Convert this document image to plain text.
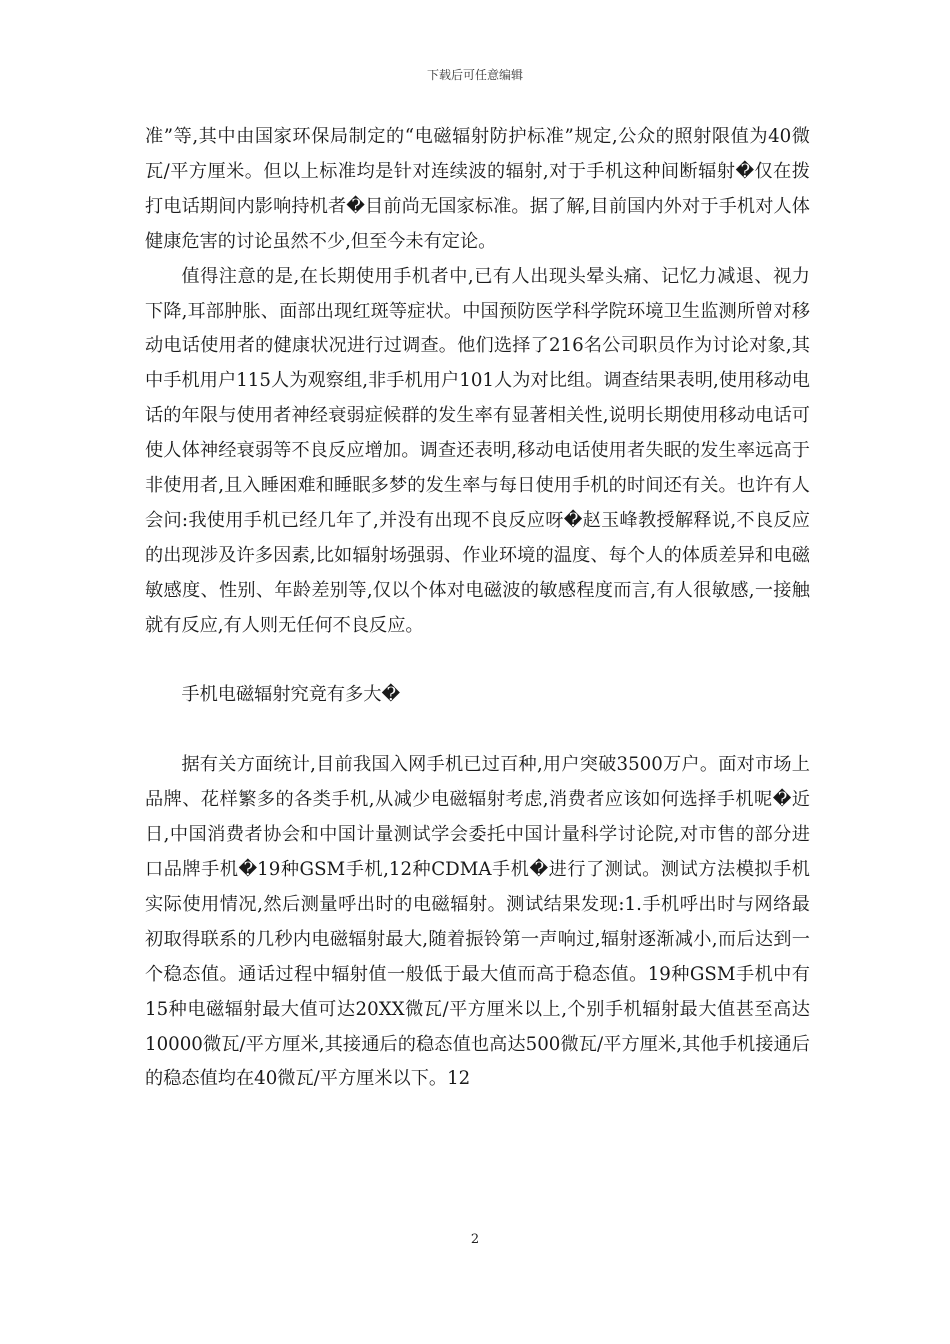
下载后可任意编辑

准”等,其中由国家环保局制定的“电磁辐射防护标准”规定,公众的照射限值为40微瓦/平方厘米。但以上标准均是针对连续波的辐射,对于手机这种间断辐射�仅在拨打电话期间内影响持机者�目前尚无国家标准。据了解,目前国内外对于手机对人体健康危害的讨论虽然不少,但至今未有定论。

值得注意的是,在长期使用手机者中,已有人出现头晕头痛、记忆力减退、视力下降,耳部肿胀、面部出现红斑等症状。中国预防医学科学院环境卫生监测所曾对移动电话使用者的健康状况进行过调查。他们选择了216名公司职员作为讨论对象,其中手机用户115人为观察组,非手机用户101人为对比组。调查结果表明,使用移动电话的年限与使用者神经衰弱症候群的发生率有显著相关性,说明长期使用移动电话可使人体神经衰弱等不良反应增加。调查还表明,移动电话使用者失眠的发生率远高于非使用者,且入睡困难和睡眠多梦的发生率与每日使用手机的时间还有关。也许有人会问:我使用手机已经几年了,并没有出现不良反应呀�赵玉峰教授解释说,不良反应的出现涉及许多因素,比如辐射场强弱、作业环境的温度、每个人的体质差异和电磁敏感度、性别、年龄差别等,仅以个体对电磁波的敏感程度而言,有人很敏感,一接触就有反应,有人则无任何不良反应。

手机电磁辐射究竟有多大�

据有关方面统计,目前我国入网手机已过百种,用户突破3500万户。面对市场上品牌、花样繁多的各类手机,从减少电磁辐射考虑,消费者应该如何选择手机呢�近日,中国消费者协会和中国计量测试学会委托中国计量科学讨论院,对市售的部分进口品牌手机�19种GSM手机,12种CDMA手机�进行了测试。测试方法模拟手机实际使用情况,然后测量呼出时的电磁辐射。测试结果发现:1.手机呼出时与网络最初取得联系的几秒内电磁辐射最大,随着振铃第一声响过,辐射逐渐减小,而后达到一个稳态值。通话过程中辐射值一般低于最大值而高于稳态值。19种GSM手机中有15种电磁辐射最大值可达20XX微瓦/平方厘米以上,个别手机辐射最大值甚至高达10000微瓦/平方厘米,其接通后的稳态值也高达500微瓦/平方厘米,其他手机接通后的稳态值均在40微瓦/平方厘米以下。12

2
